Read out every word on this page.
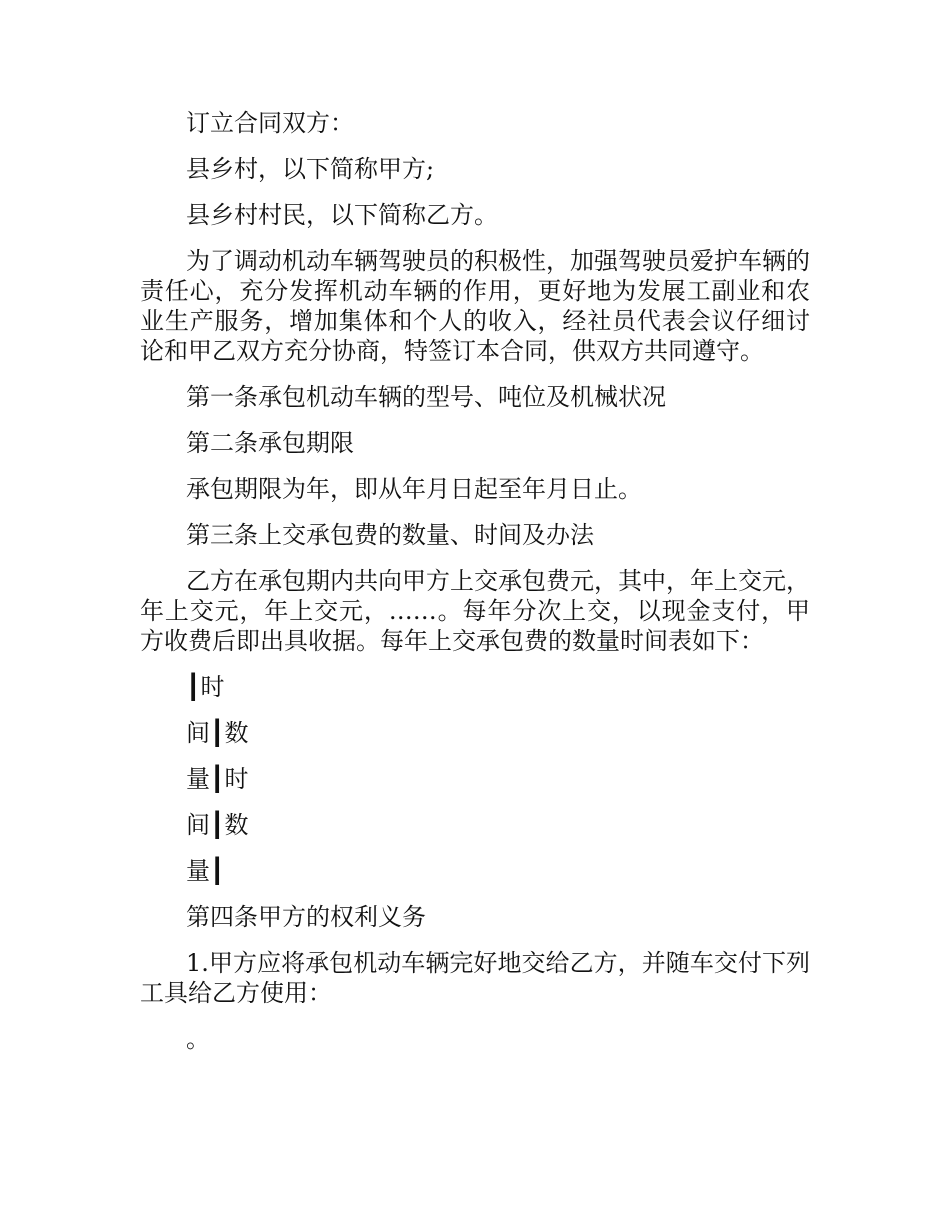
订立合同双方：

县乡村，以下简称甲方;

县乡村村民，以下简称乙方。

为了调动机动车辆驾驶员的积极性，加强驾驶员爱护车辆的责任心，充分发挥机动车辆的作用，更好地为发展工副业和农业生产服务，增加集体和个人的收入，经社员代表会议仔细讨论和甲乙双方充分协商，特签订本合同，供双方共同遵守。

第一条承包机动车辆的型号、吨位及机械状况

第二条承包期限

承包期限为年，即从年月日起至年月日止。

第三条上交承包费的数量、时间及办法

乙方在承包期内共向甲方上交承包费元，其中，年上交元，年上交元，年上交元，……。每年分次上交，以现金支付，甲方收费后即出具收据。每年上交承包费的数量时间表如下：

┃时

间┃数

量┃时

间┃数

量┃

第四条甲方的权利义务

1.甲方应将承包机动车辆完好地交给乙方，并随车交付下列工具给乙方使用：

。
